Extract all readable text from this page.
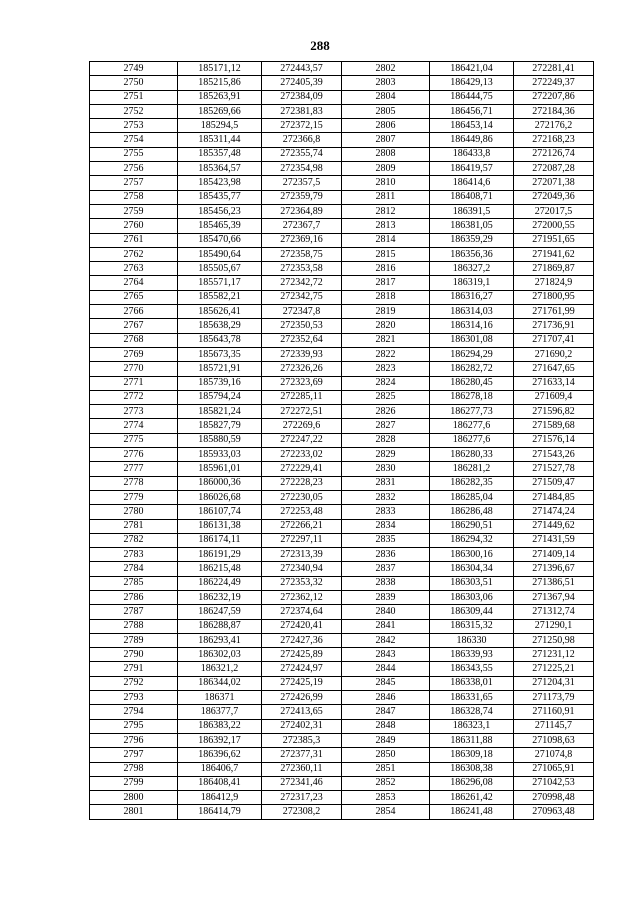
288
2749	185171,12	272443,57	2802	186421,04	272281,41
2750	185215,86	272405,39	2803	186429,13	272249,37
2751	185263,91	272384,09	2804	186444,75	272207,86
2752	185269,66	272381,83	2805	186456,71	272184,36
2753	185294,5	272372,15	2806	186453,14	272176,2
2754	185311,44	272366,8	2807	186449,86	272168,23
2755	185357,48	272355,74	2808	186433,8	272126,74
2756	185364,57	272354,98	2809	186419,57	272087,28
2757	185423,98	272357,5	2810	186414,6	272071,38
2758	185435,77	272359,79	2811	186408,71	272049,36
2759	185456,23	272364,89	2812	186391,5	272017,5
2760	185465,39	272367,7	2813	186381,05	272000,55
2761	185470,66	272369,16	2814	186359,29	271951,65
2762	185490,64	272358,75	2815	186356,36	271941,62
2763	185505,67	272353,58	2816	186327,2	271869,87
2764	185571,17	272342,72	2817	186319,1	271824,9
2765	185582,21	272342,75	2818	186316,27	271800,95
2766	185626,41	272347,8	2819	186314,03	271761,99
2767	185638,29	272350,53	2820	186314,16	271736,91
2768	185643,78	272352,64	2821	186301,08	271707,41
2769	185673,35	272339,93	2822	186294,29	271690,2
2770	185721,91	272326,26	2823	186282,72	271647,65
2771	185739,16	272323,69	2824	186280,45	271633,14
2772	185794,24	272285,11	2825	186278,18	271609,4
2773	185821,24	272272,51	2826	186277,73	271596,82
2774	185827,79	272269,6	2827	186277,6	271589,68
2775	185880,59	272247,22	2828	186277,6	271576,14
2776	185933,03	272233,02	2829	186280,33	271543,26
2777	185961,01	272229,41	2830	186281,2	271527,78
2778	186000,36	272228,23	2831	186282,35	271509,47
2779	186026,68	272230,05	2832	186285,04	271484,85
2780	186107,74	272253,48	2833	186286,48	271474,24
2781	186131,38	272266,21	2834	186290,51	271449,62
2782	186174,11	272297,11	2835	186294,32	271431,59
2783	186191,29	272313,39	2836	186300,16	271409,14
2784	186215,48	272340,94	2837	186304,34	271396,67
2785	186224,49	272353,32	2838	186303,51	271386,51
2786	186232,19	272362,12	2839	186303,06	271367,94
2787	186247,59	272374,64	2840	186309,44	271312,74
2788	186288,87	272420,41	2841	186315,32	271290,1
2789	186293,41	272427,36	2842	186330	271250,98
2790	186302,03	272425,89	2843	186339,93	271231,12
2791	186321,2	272424,97	2844	186343,55	271225,21
2792	186344,02	272425,19	2845	186338,01	271204,31
2793	186371	272426,99	2846	186331,65	271173,79
2794	186377,7	272413,65	2847	186328,74	271160,91
2795	186383,22	272402,31	2848	186323,1	271145,7
2796	186392,17	272385,3	2849	186311,88	271098,63
2797	186396,62	272377,31	2850	186309,18	271074,8
2798	186406,7	272360,11	2851	186308,38	271065,91
2799	186408,41	272341,46	2852	186296,08	271042,53
2800	186412,9	272317,23	2853	186261,42	270998,48
2801	186414,79	272308,2	2854	186241,48	270963,48
